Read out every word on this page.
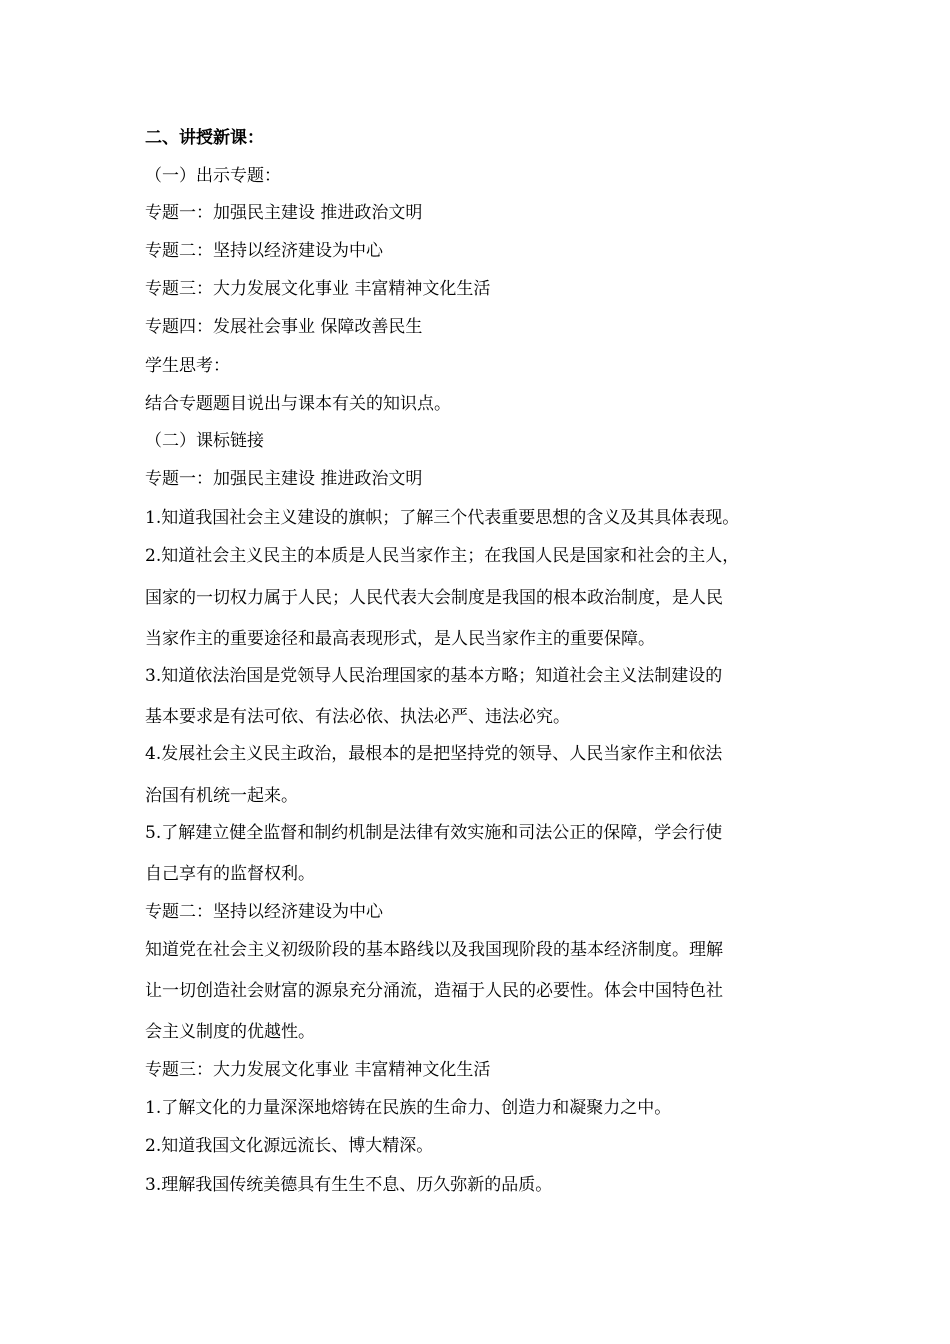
二、讲授新课：
（一）出示专题：
专题一：加强民主建设 推进政治文明
专题二：坚持以经济建设为中心
专题三：大力发展文化事业 丰富精神文化生活
专题四：发展社会事业 保障改善民生
学生思考：
结合专题题目说出与课本有关的知识点。
（二）课标链接
专题一：加强民主建设 推进政治文明
1.知道我国社会主义建设的旗帜；了解三个代表重要思想的含义及其具体表现。
2.知道社会主义民主的本质是人民当家作主；在我国人民是国家和社会的主人，
国家的一切权力属于人民；人民代表大会制度是我国的根本政治制度，是人民
当家作主的重要途径和最高表现形式，是人民当家作主的重要保障。
3.知道依法治国是党领导人民治理国家的基本方略；知道社会主义法制建设的
基本要求是有法可依、有法必依、执法必严、违法必究。
4.发展社会主义民主政治，最根本的是把坚持党的领导、人民当家作主和依法
治国有机统一起来。
5.了解建立健全监督和制约机制是法律有效实施和司法公正的保障，学会行使
自己享有的监督权利。
专题二：坚持以经济建设为中心
知道党在社会主义初级阶段的基本路线以及我国现阶段的基本经济制度。理解
让一切创造社会财富的源泉充分涌流，造福于人民的必要性。体会中国特色社
会主义制度的优越性。
专题三：大力发展文化事业 丰富精神文化生活
1.了解文化的力量深深地熔铸在民族的生命力、创造力和凝聚力之中。
2.知道我国文化源远流长、博大精深。
3.理解我国传统美德具有生生不息、历久弥新的品质。
